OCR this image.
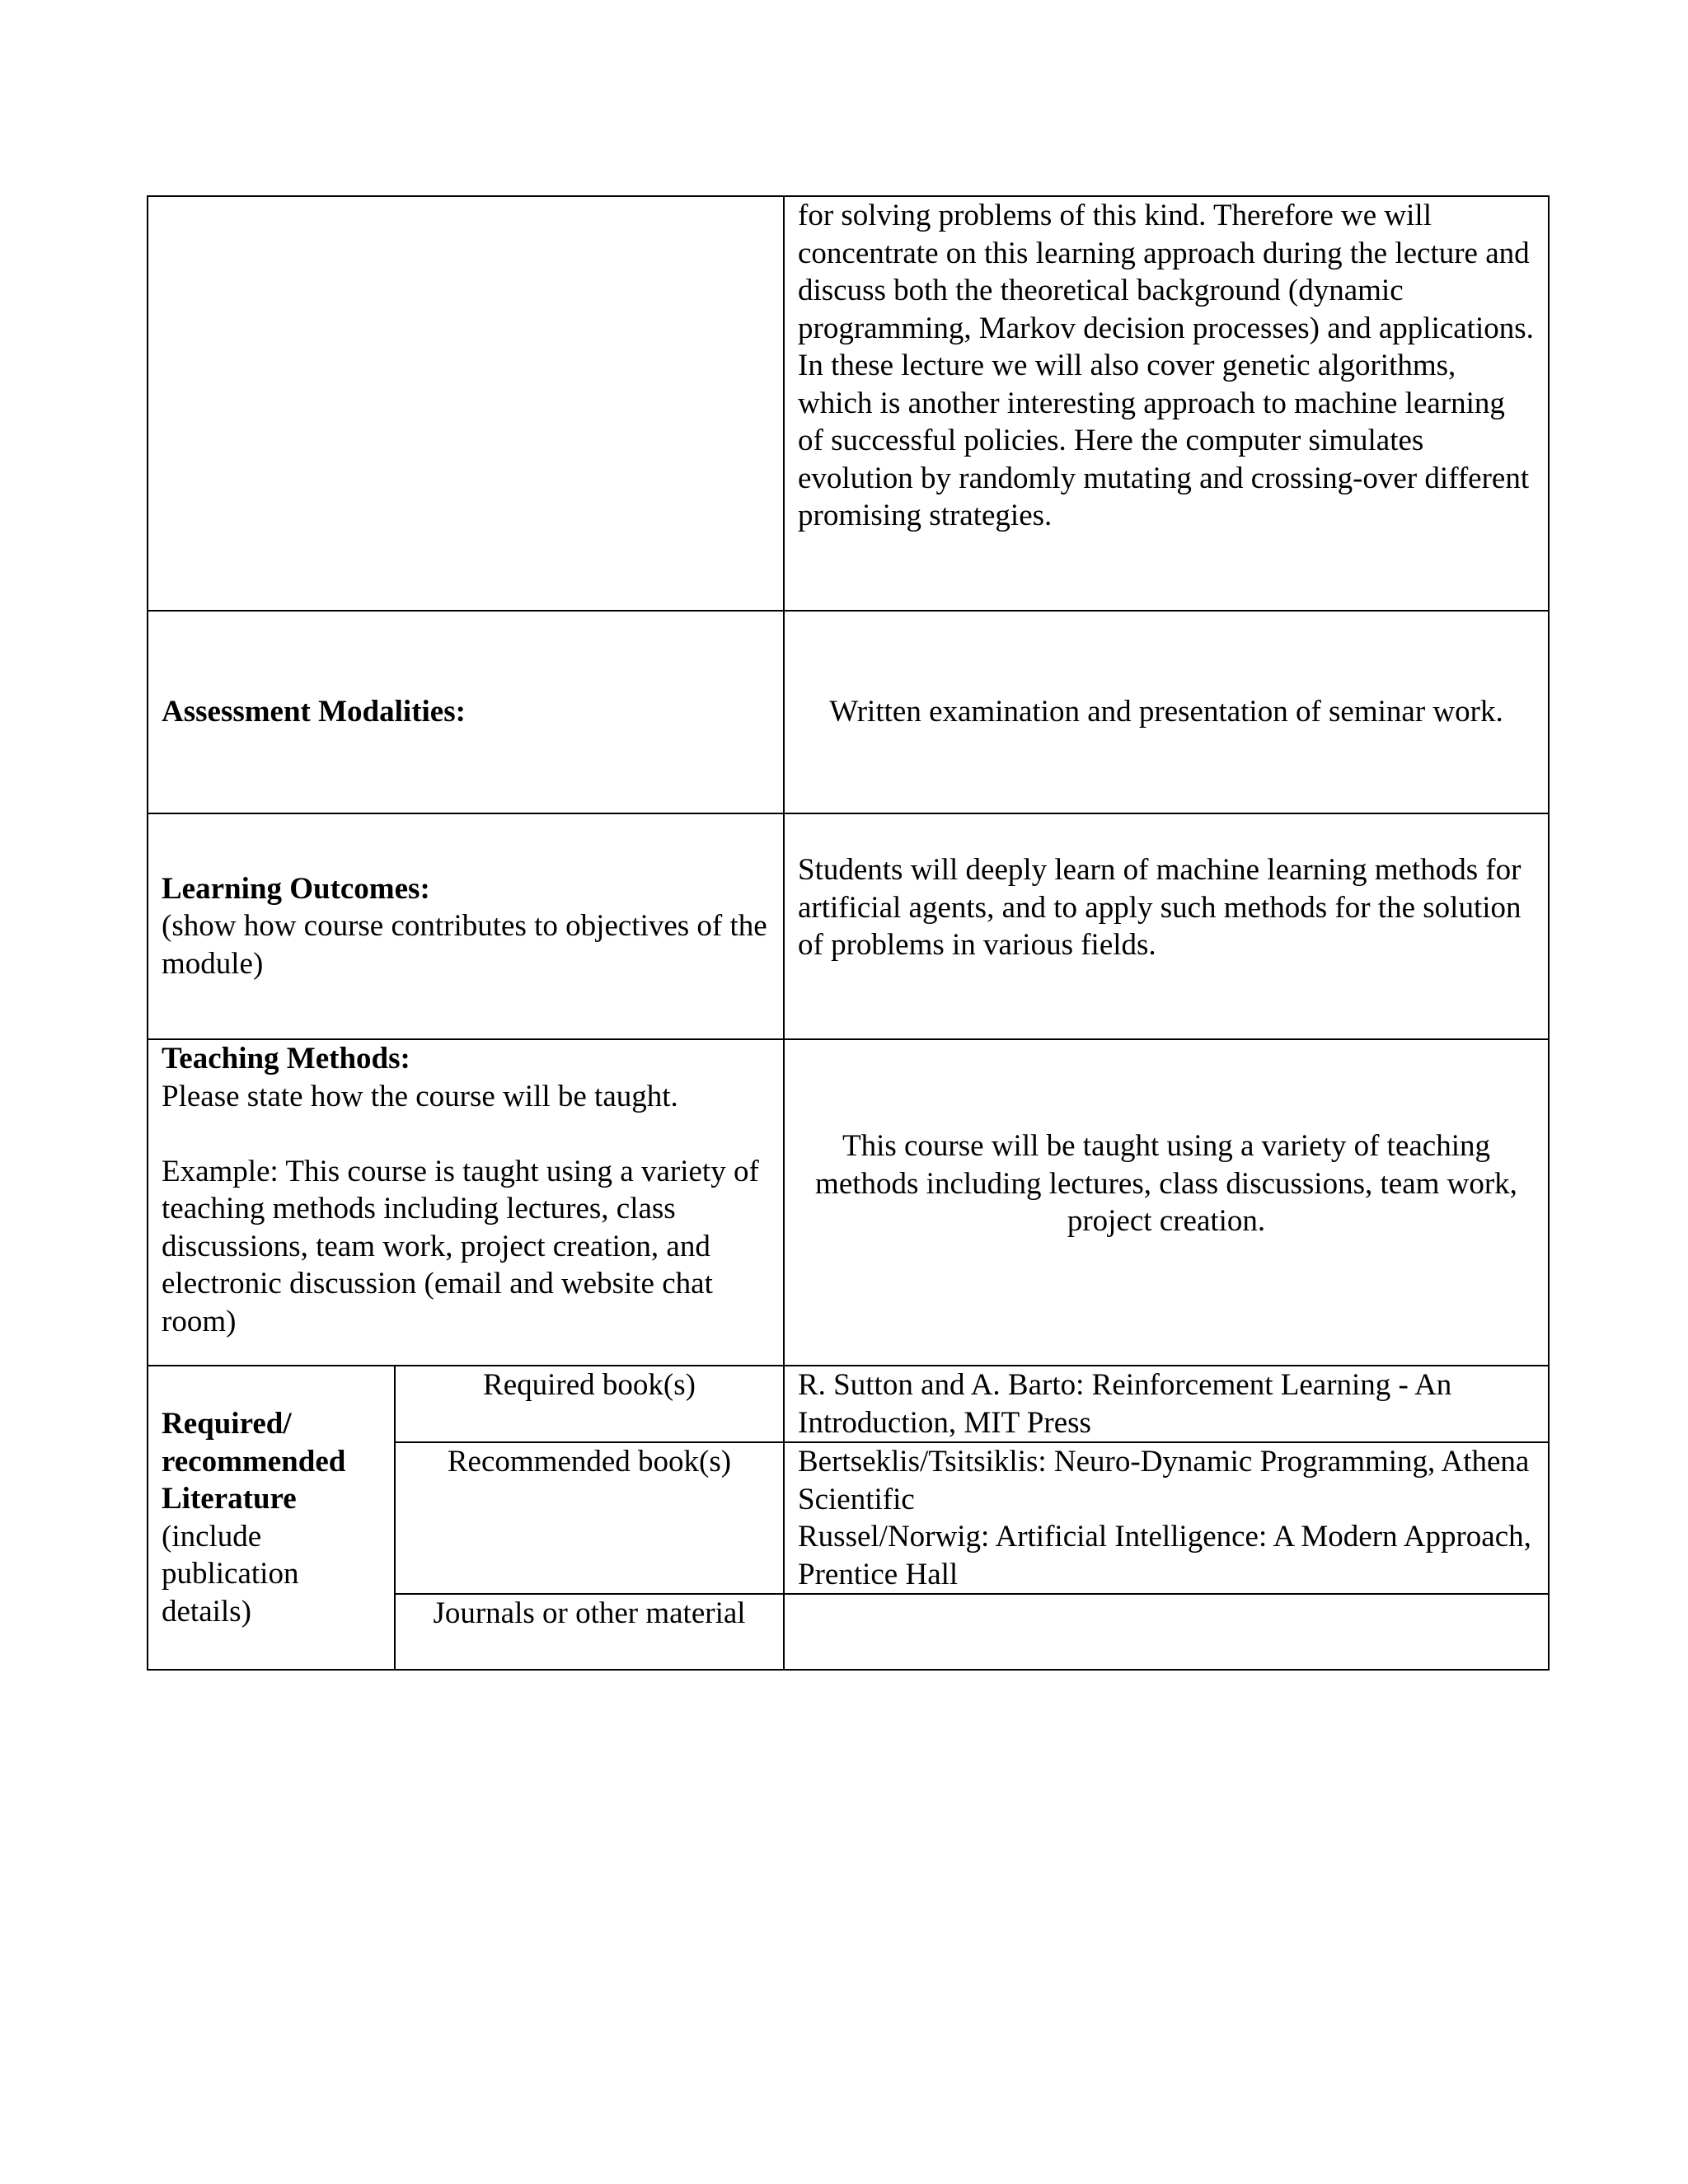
		for solving problems of this kind. Therefore we will concentrate on this learning approach during the lecture and discuss both the theoretical background (dynamic programming, Markov decision processes) and applications.
In these lecture we will also cover genetic algorithms, which is another interesting approach to machine learning of successful policies. Here the computer simulates evolution by randomly mutating and crossing-over different promising strategies.

Assessment Modalities:		Written examination and presentation of seminar work.

Learning Outcomes:
(show how course contributes to objectives of the module)		Students will deeply learn of machine learning methods for artificial agents, and to apply such methods for the solution of problems in various fields.

Teaching Methods:
Please state how the course will be taught.
Example: This course is taught using a variety of teaching methods including lectures, class discussions, team work, project creation, and electronic discussion (email and website chat room)		This course will be taught using a variety of teaching methods including lectures, class discussions, team work, project creation.

Required/ recommended Literature
(include publication details)	Required book(s)	R. Sutton and A. Barto: Reinforcement Learning - An Introduction, MIT Press
	Recommended book(s)	Bertseklis/Tsitsiklis: Neuro-Dynamic Programming, Athena Scientific
Russel/Norwig: Artificial Intelligence: A Modern Approach, Prentice Hall

	Journals or other material	
